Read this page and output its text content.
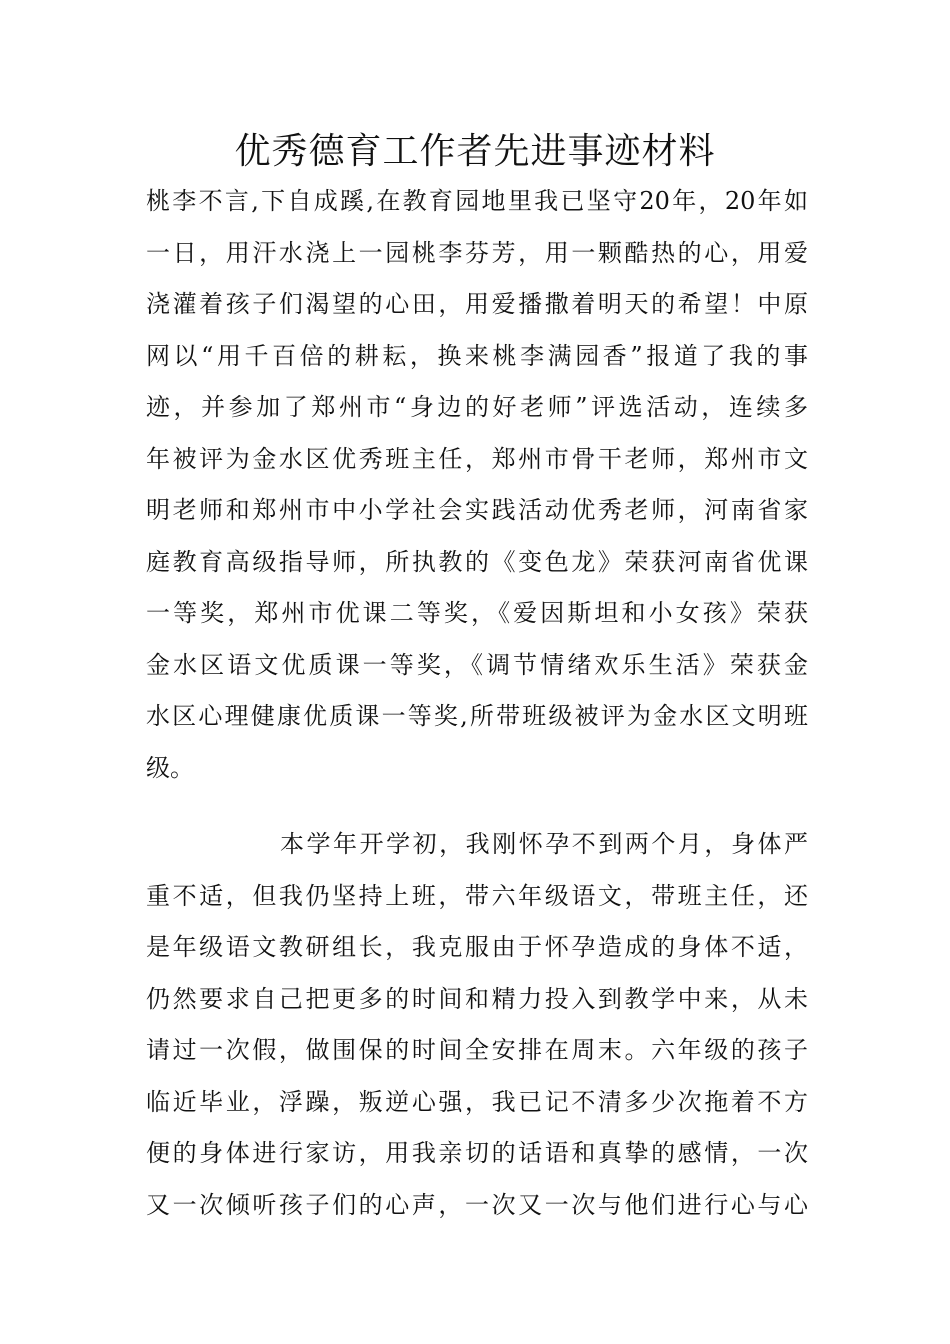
优秀德育工作者先进事迹材料
桃李不言,下自成蹊,在教育园地里我已坚守20年，20年如
一日，用汗水浇上一园桃李芬芳，用一颗酷热的心，用爱
浇灌着孩子们渴望的心田，用爱播撒着明天的希望！中原
网以“用千百倍的耕耘，换来桃李满园香”报道了我的事
迹，并参加了郑州市“身边的好老师”评选活动，连续多
年被评为金水区优秀班主任，郑州市骨干老师，郑州市文
明老师和郑州市中小学社会实践活动优秀老师，河南省家
庭教育高级指导师，所执教的《变色龙》荣获河南省优课
一等奖，郑州市优课二等奖，《爱因斯坦和小女孩》荣获
金水区语文优质课一等奖，《调节情绪欢乐生活》荣获金
水区心理健康优质课一等奖,所带班级被评为金水区文明班
级。
本学年开学初，我刚怀孕不到两个月，身体严
重不适，但我仍坚持上班，带六年级语文，带班主任，还
是年级语文教研组长，我克服由于怀孕造成的身体不适，
仍然要求自己把更多的时间和精力投入到教学中来，从未
请过一次假，做围保的时间全安排在周末。六年级的孩子
临近毕业，浮躁，叛逆心强，我已记不清多少次拖着不方
便的身体进行家访，用我亲切的话语和真挚的感情，一次
又一次倾听孩子们的心声，一次又一次与他们进行心与心
